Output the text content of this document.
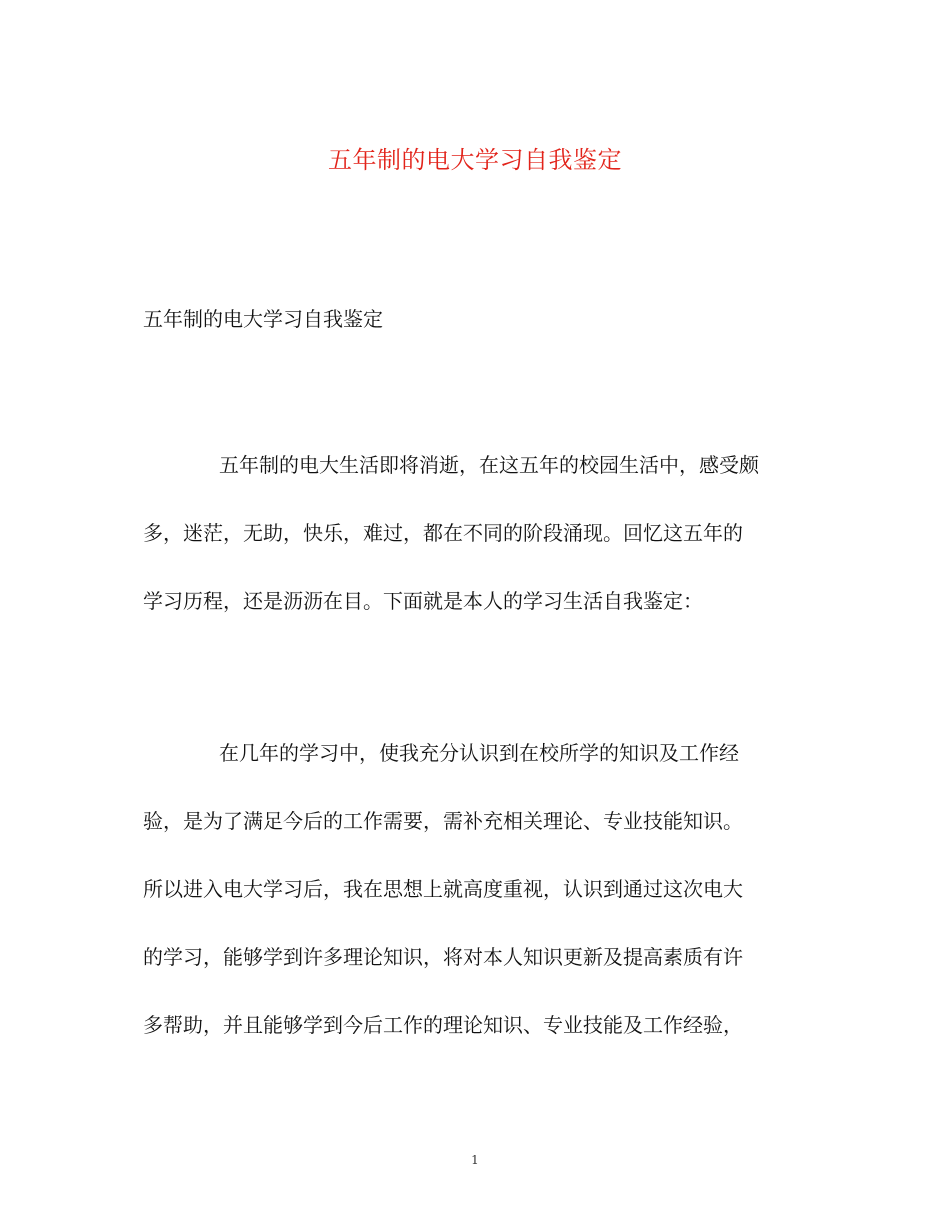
五年制的电大学习自我鉴定
五年制的电大学习自我鉴定
五年制的电大生活即将消逝，在这五年的校园生活中，感受颇
多，迷茫，无助，快乐，难过，都在不同的阶段涌现。回忆这五年的
学习历程，还是沥沥在目。下面就是本人的学习生活自我鉴定：
在几年的学习中，使我充分认识到在校所学的知识及工作经
验，是为了满足今后的工作需要，需补充相关理论、专业技能知识。
所以进入电大学习后，我在思想上就高度重视，认识到通过这次电大
的学习，能够学到许多理论知识，将对本人知识更新及提高素质有许
多帮助，并且能够学到今后工作的理论知识、专业技能及工作经验，
1
